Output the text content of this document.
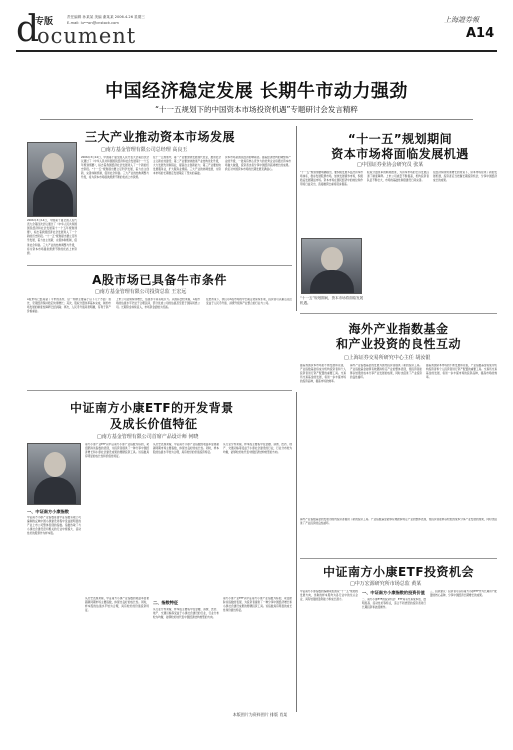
d
专版
ocument
责任编辑 孙某某 美编 谢某某 2006.4.26 星期三
E-mail: lu••on@cnstock.com	上海證券報
A14
中国经济稳定发展 长期牛市动力强劲
“十一五规划下的中国资本市场投资机遇”专题研讨会发言精粹
三大产业推动资本市场发展
□南方基金管理有限公司总经理 高良玉
2006年3月14日，中国第十届全国人民代表大会第四次会议通过了《中华人民共和国国民经济和社会发展第十一个五年规划纲要》，标志着我国经济社会发展进入了一个新的历史阶段。“十一五”规划提出要立足科学发展，着力自主创新，完善体制机制，促进社会和谐。三大产业的结构调整与升级，将为资本市场提供源源不断的优质上市资源。
在十一五规划中，第一产业要加快发展现代农业，推进社会主义新农村建设；第二产业要加快推进产业结构优化升级，大力发展先进制造业，提高自主创新能力；第三产业要加快发展服务业，扩大服务业规模。三大产业的协调发展，为资本市场的长期稳定发展奠定了坚实的基础。
资本市场是国民经济的晴雨表。随着经济结构的调整和产业的升级，一批具有核心竞争力的优秀企业将通过资本市场做大做强，投资者也将分享中国经济高速增长的成果。我们对中国资本市场的长期发展充满信心。
2006年3月14日，中国第十届全国人民代表大会第四次会议通过了《中华人民共和国国民经济和社会发展第十一个五年规划纲要》，标志着我国经济社会发展进入了一个新的历史阶段。“十一五”规划提出要立足科学发展，着力自主创新，完善体制机制，促进社会和谐。三大产业的结构调整与升级，将为资本市场提供源源不断的优质上市资源。
“十一五”规划期间
资本市场将面临发展机遇
□中国证券业协会研究员 张某
“十一五”规划纲要明确提出，要积极发展多层次资本市场体系，稳步发展股票市场，加快发展债券市场，积极稳妥发展期货市场。资本市场在国民经济中的地位和作用将日益突出，直接融资比重将逐步提高。
股权分置改革的顺利推进，为资本市场的长远发展扫清了制度障碍。上市公司质量不断提高，机构投资者队伍不断壮大，市场的基础性制度建设日趋完善。
在经济持续快速增长的背景下，资本市场迎来了新的发展机遇，投资者应当把握长期投资机会，分享中国经济成长的成果。
“十一五”规划期间，资本市场将面临发展机遇。
A股市场已具备牛市条件
□南方基金管理有限公司投资总监 王宏远
A股市场已经具备了牛市的条件，这一判断主要基于以下几个方面：首先，宏观经济保持稳定快速增长；其次，股权分置改革基本完成，制约市场发展的制度性障碍已经消除；再次，人民币升值趋势明确，有利于资产价格重估。
上市公司业绩持续增长，估值水平具有吸引力。从国际比较来看，A股市场的估值水平仍处于合理区间，部分优质公司的估值甚至低于国际同类公司。长期资金持续流入，市场资金面较为充裕。
在此背景下，我们对A股市场的中长期走势保持乐观，投资者可以重点关注受益于人民币升值、消费升级和产业整合的行业与公司。
海外产业指数基金
和产业投资的良性互动
□上海证券交易所研究中心主任 胡汝银
海外产业指数基金的发展为国内投资者提供了新的投资工具。产业指数基金能够有效跟踪特定产业的整体表现，使投资者能够以较低的成本分享产业发展的成果，同时也促进了产业投资的良性循环。
随着我国资本市场的不断发展和完善，产业指数基金将成为机构投资者和个人投资者进行资产配置的重要工具。交易所交易基金的发展，将进一步丰富市场的投资品种，提高市场的效率。
中证南方小康ETF的开发背景
及成长价值特征
□南方基金管理有限公司首席产品设计师 何晓
一、中证南方小康指数
中证南方小康产业指数是由中证指数有限公司编制的反映中国小康建设进程中受益最明显的产业上市公司整体表现的指数。指数选取了与小康社会建设密切相关的行业中规模大、流动性好的股票作为样本股。
南方小康产业ETF以中证南方小康产业指数为标的，紧密跟踪该指数的表现，为投资者提供了一种分享中国经济增长和小康社会建设成果的便捷投资工具。该指数具有明显的成长性和价值性特征。
从历史表现来看，中证南方小康产业指数的收益率显著超越同期市场主要指数，体现出良好的成长性。同时，样本股的估值水平较为合理，具有较好的价值投资特征。
从行业分布来看，样本股主要集中在金融、消费、医药、地产、交通运输等受益于小康社会建设的行业，行业分布较为均衡，能够较好地代表中国经济结构转型的方向。
从历史表现来看，中证南方小康产业指数的收益率显著超越同期市场主要指数，体现出良好的成长性。同时，样本股的估值水平较为合理，具有较好的价值投资特征。
二、指数特征
从行业分布来看，样本股主要集中在金融、消费、医药、地产、交通运输等受益于小康社会建设的行业，行业分布较为均衡，能够较好地代表中国经济结构转型的方向。
南方小康产业ETF以中证南方小康产业指数为标的，紧密跟踪该指数的表现，为投资者提供了一种分享中国经济增长和小康社会建设成果的便捷投资工具。该指数具有明显的成长性和价值性特征。
随着我国资本市场的不断发展和完善，产业指数基金将成为机构投资者和个人投资者进行资产配置的重要工具。交易所交易基金的发展，将进一步丰富市场的投资品种，提高市场的效率。
海外产业指数基金的发展为国内投资者提供了新的投资工具。产业指数基金能够有效跟踪特定产业的整体表现，使投资者能够以较低的成本分享产业发展的成果，同时也促进了产业投资的良性循环。
中证南方小康ETF投资机会
□中万宏源研究所市场总监 黄某
中证南方小康指数的编制紧扣国家“十一五”规划的发展方向，选取的样本股均为各行业中的龙头企业，具有较强的盈利能力和成长潜力。
一、中证南方小康指数的投资价值
二、南方小康ETF的投资机会：ETF具有交易成本低、透明度高、流动性好等特点，适合不同类型的投资者进行长期投资和波段操作。
三、投资建议：投资者可以将南方小康ETF作为长期资产配置的核心品种，分享中国经济长期增长的成果。
本版图片为资料图片 排版 肖某
